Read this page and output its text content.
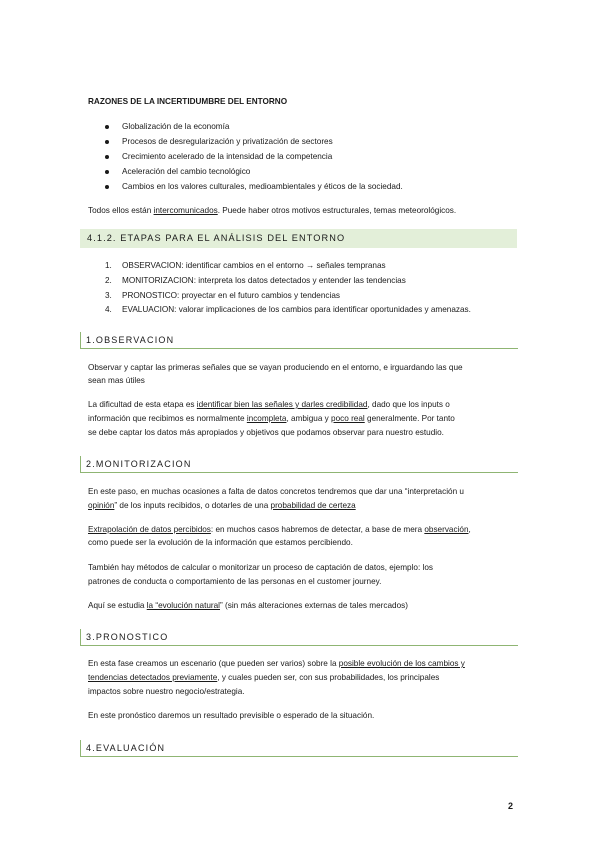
RAZONES DE LA INCERTIDUMBRE DEL ENTORNO
Globalización de la economía
Procesos de desregularización y privatización de sectores
Crecimiento acelerado de la intensidad de la competencia
Aceleración del cambio tecnológico
Cambios en los valores culturales, medioambientales y éticos de la sociedad.
Todos ellos están intercomunicados. Puede haber otros motivos estructurales, temas meteorológicos.
4.1.2. ETAPAS PARA EL ANÁLISIS DEL ENTORNO
1. OBSERVACION: identificar cambios en el entorno → señales tempranas
2. MONITORIZACION: interpreta los datos detectados y entender las tendencias
3. PRONOSTICO: proyectar en el futuro cambios y tendencias
4. EVALUACION: valorar implicaciones de los cambios para identificar oportunidades y amenazas.
1.OBSERVACION
Observar y captar las primeras señales que se vayan produciendo en el entorno, e irguardando las que
sean mas útiles
La dificultad de esta etapa es identificar bien las señales y darles credibilidad, dado que los inputs o
información que recibimos es normalmente incompleta, ambigua y poco real generalmente. Por tanto
se debe captar los datos más apropiados y objetivos que podamos observar para nuestro estudio.
2.MONITORIZACION
En este paso, en muchas ocasiones a falta de datos concretos tendremos que dar una “interpretación u
opinión” de los inputs recibidos, o dotarles de una probabilidad de certeza
Extrapolación de datos percibidos: en muchos casos habremos de detectar, a base de mera observación,
como puede ser la evolución de la información que estamos percibiendo.
También hay métodos de calcular o monitorizar un proceso de captación de datos, ejemplo: los
patrones de conducta o comportamiento de las personas en el customer journey.
Aquí se estudia la “evolución natural” (sin más alteraciones externas de tales mercados)
3.PRONOSTICO
En esta fase creamos un escenario (que pueden ser varios) sobre la posible evolución de los cambios y
tendencias detectados previamente, y cuales pueden ser, con sus probabilidades, los principales
impactos sobre nuestro negocio/estrategia.
En este pronóstico daremos un resultado previsible o esperado de la situación.
4.EVALUACIÓN
2
